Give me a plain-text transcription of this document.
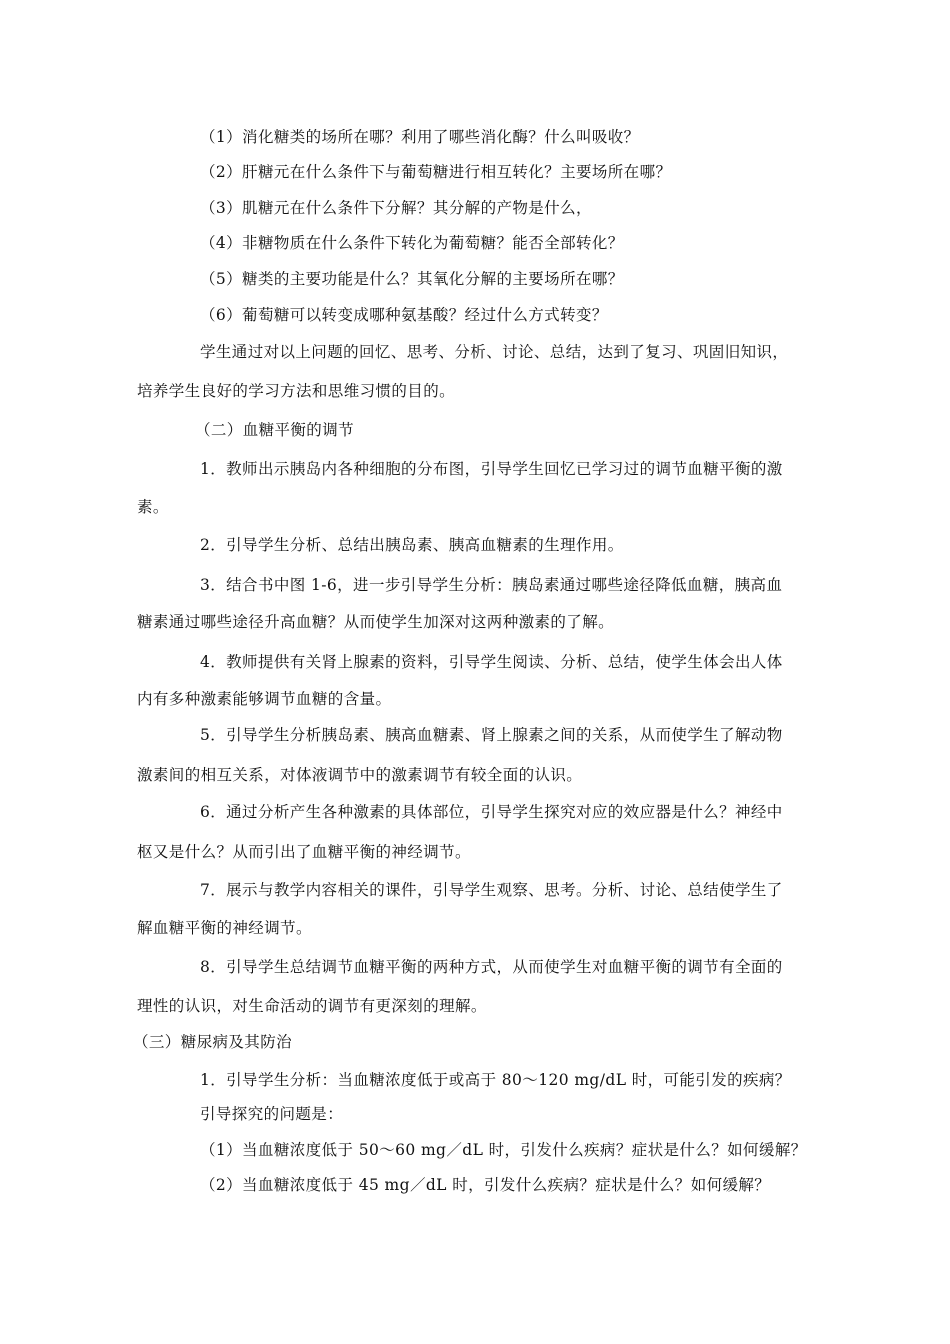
（1）消化糖类的场所在哪？利用了哪些消化酶？什么叫吸收？
（2）肝糖元在什么条件下与葡萄糖进行相互转化？主要场所在哪？
（3）肌糖元在什么条件下分解？其分解的产物是什么，
（4）非糖物质在什么条件下转化为葡萄糖？能否全部转化？
（5）糖类的主要功能是什么？其氧化分解的主要场所在哪？
（6）葡萄糖可以转变成哪种氨基酸？经过什么方式转变？
学生通过对以上问题的回忆、思考、分析、讨论、总结，达到了复习、巩固旧知识，
培养学生良好的学习方法和思维习惯的目的。
（二）血糖平衡的调节
1．教师出示胰岛内各种细胞的分布图，引导学生回忆已学习过的调节血糖平衡的激
素。
2．引导学生分析、总结出胰岛素、胰高血糖素的生理作用。
3．结合书中图 1-6，进一步引导学生分析：胰岛素通过哪些途径降低血糖，胰高血
糖素通过哪些途径升高血糖？从而使学生加深对这两种激素的了解。
4．教师提供有关肾上腺素的资料，引导学生阅读、分析、总结，使学生体会出人体
内有多种激素能够调节血糖的含量。
5．引导学生分析胰岛素、胰高血糖素、肾上腺素之间的关系，从而使学生了解动物
激素间的相互关系，对体液调节中的激素调节有较全面的认识。
6．通过分析产生各种激素的具体部位，引导学生探究对应的效应器是什么？神经中
枢又是什么？从而引出了血糖平衡的神经调节。
7．展示与教学内容相关的课件，引导学生观察、思考。分析、讨论、总结使学生了
解血糖平衡的神经调节。
8．引导学生总结调节血糖平衡的两种方式，从而使学生对血糖平衡的调节有全面的
理性的认识，对生命活动的调节有更深刻的理解。
（三）糖尿病及其防治
1．引导学生分析：当血糖浓度低于或高于 80～120 mg/dL 时，可能引发的疾病？
引导探究的问题是：
（1）当血糖浓度低于 50～60 mg／dL 时，引发什么疾病？症状是什么？如何缓解？
（2）当血糖浓度低于 45 mg／dL 时，引发什么疾病？症状是什么？如何缓解？
